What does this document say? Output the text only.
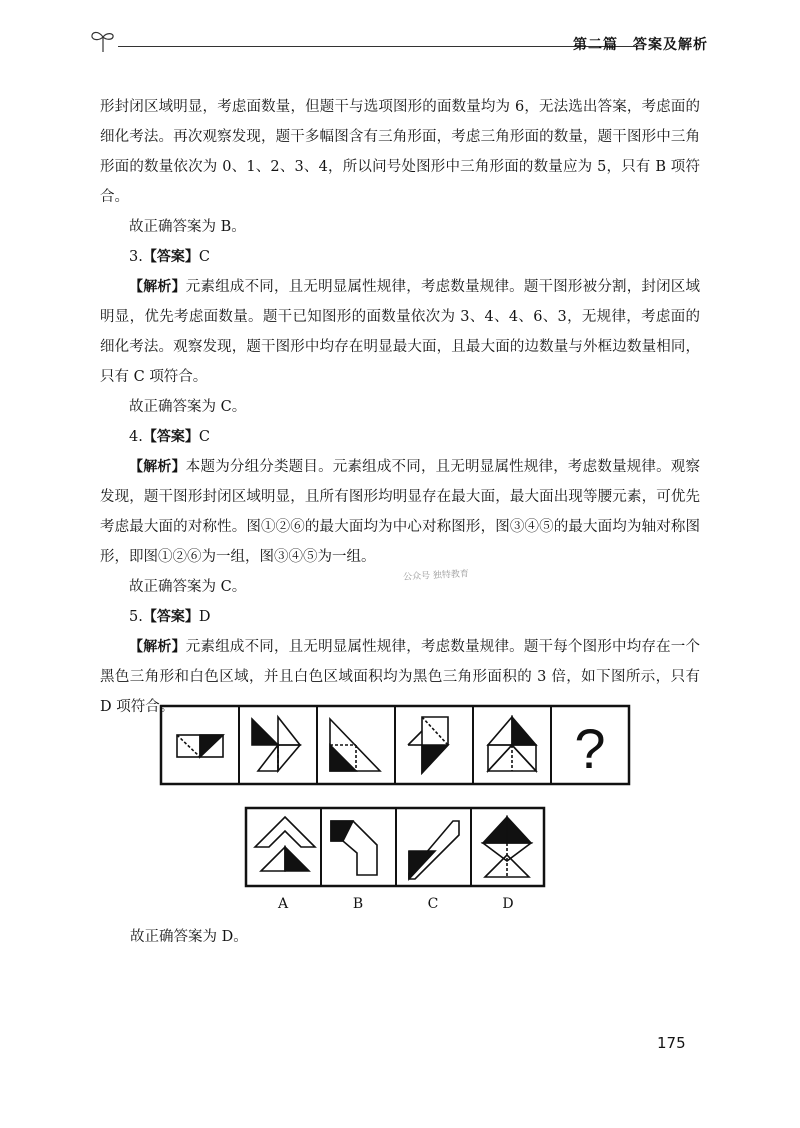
第二篇　答案及解析

形封闭区域明显，考虑面数量，但题干与选项图形的面数量均为 6，无法选出答案，考虑面的细化考法。再次观察发现，题干多幅图含有三角形面，考虑三角形面的数量，题干图形中三角形面的数量依次为 0、1、2、3、4，所以问号处图形中三角形面的数量应为 5，只有 B 项符合。

故正确答案为 B。

3.【答案】C

【解析】元素组成不同，且无明显属性规律，考虑数量规律。题干图形被分割，封闭区域明显，优先考虑面数量。题干已知图形的面数量依次为 3、4、4、6、3，无规律，考虑面的细化考法。观察发现，题干图形中均存在明显最大面，且最大面的边数量与外框边数量相同，只有 C 项符合。

故正确答案为 C。

4.【答案】C

【解析】本题为分组分类题目。元素组成不同，且无明显属性规律，考虑数量规律。观察发现，题干图形封闭区域明显，且所有图形均明显存在最大面，最大面出现等腰元素，可优先考虑最大面的对称性。图①②⑥的最大面均为中心对称图形，图③④⑤的最大面均为轴对称图形，即图①②⑥为一组，图③④⑤为一组。

故正确答案为 C。

5.【答案】D

【解析】元素组成不同，且无明显属性规律，考虑数量规律。题干每个图形中均存在一个黑色三角形和白色区域，并且白色区域面积均为黑色三角形面积的 3 倍，如下图所示，只有 D 项符合。

公众号 独特教育
?
A	B	C	D
故正确答案为 D。
175
